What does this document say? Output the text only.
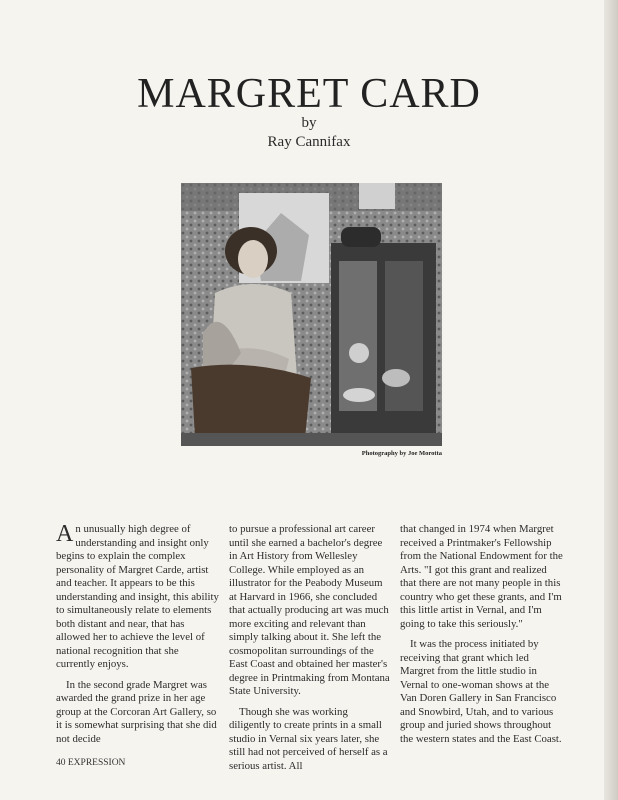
MARGRET CARD
by
Ray Cannifax
Photography by Joe Morotta

An unusually high degree of understanding and insight only begins to explain the complex personality of Margret Carde, artist and teacher. It appears to be this understanding and insight, this ability to simultaneously relate to elements both distant and near, that has allowed her to achieve the level of national recognition that she currently enjoys.

In the second grade Margret was awarded the grand prize in her age group at the Corcoran Art Gallery, so it is somewhat surprising that she did not decide

to pursue a professional art career until she earned a bachelor's degree in Art History from Wellesley College. While employed as an illustrator for the Peabody Museum at Harvard in 1966, she concluded that actually producing art was much more exciting and relevant than simply talking about it. She left the cosmopolitan surroundings of the East Coast and obtained her master's degree in Printmaking from Montana State University.

Though she was working diligently to create prints in a small studio in Vernal six years later, she still had not perceived of herself as a serious artist. All

that changed in 1974 when Margret received a Printmaker's Fellowship from the National Endowment for the Arts. "I got this grant and realized that there are not many people in this country who get these grants, and I'm this little artist in Vernal, and I'm going to take this seriously."

It was the process initiated by receiving that grant which led Margret from the little studio in Vernal to one-woman shows at the Van Doren Gallery in San Francisco and Snowbird, Utah, and to various group and juried shows throughout the western states and the East Coast.

40 EXPRESSION
